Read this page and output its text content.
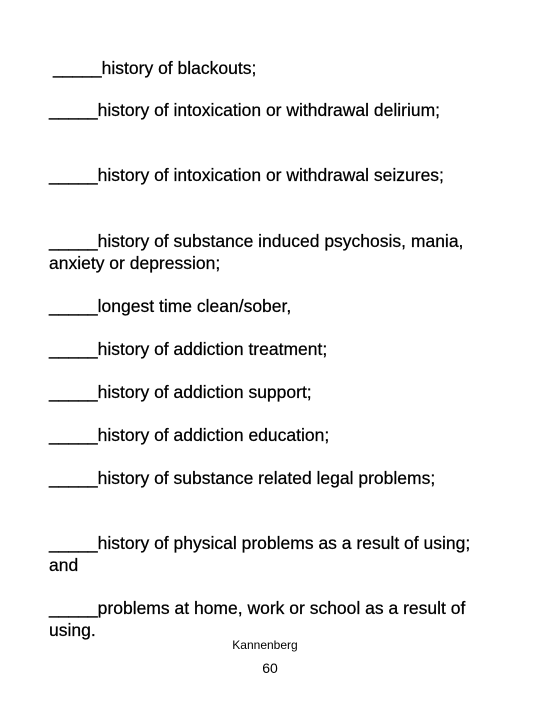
_____history of blackouts;
_____history of intoxication or withdrawal delirium;
_____history of intoxication or withdrawal seizures;
_____history of substance induced psychosis, mania, anxiety or depression;
_____longest time clean/sober,
_____history of addiction treatment;
_____history of addiction support;
_____history of addiction education;
_____history of substance related legal problems;
_____history of physical problems as a result of using; and
_____problems at home, work or school as a result of using.
Kannenberg
60
